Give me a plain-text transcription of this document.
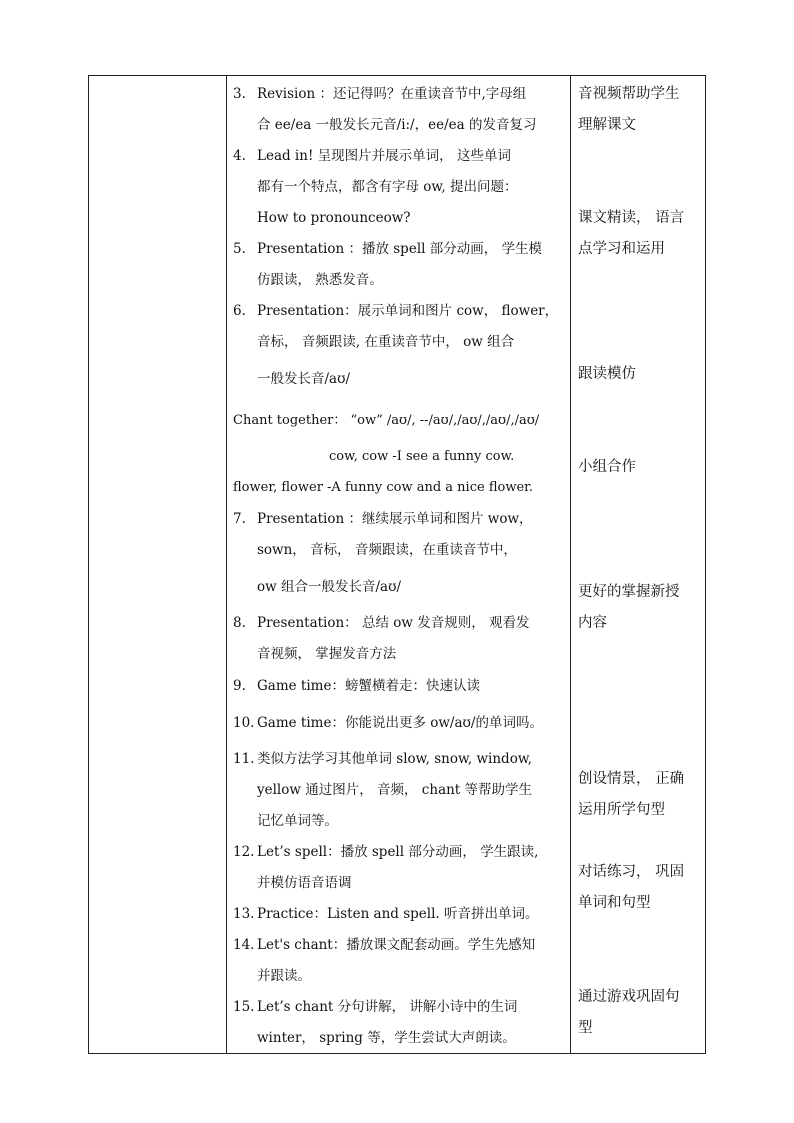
3. Revision ：还记得吗？在重读音节中,字母组
合 ee/ea 一般发长元音/i:/，ee/ea 的发音复习
4. Lead in! 呈现图片并展示单词， 这些单词
都有一个特点，都含有字母 ow, 提出问题：
How to pronounceow?
5. Presentation ：播放 spell 部分动画， 学生模
仿跟读， 熟悉发音。
6. Presentation：展示单词和图片 cow， flower，
音标， 音频跟读, 在重读音节中， ow 组合
一般发长音/aʊ/
Chant together： “ow” /aʊ/, --/aʊ/,/aʊ/,/aʊ/,/aʊ/
cow, cow -I see a funny cow.
flower, flower -A funny cow and a nice flower.
7. Presentation ：继续展示单词和图片 wow，
sown， 音标， 音频跟读，在重读音节中，
ow 组合一般发长音/aʊ/
8. Presentation： 总结 ow 发音规则， 观看发
音视频， 掌握发音方法
9. Game time：螃蟹横着走：快速认读
10. Game time：你能说出更多 ow/aʊ/的单词吗。
11. 类似方法学习其他单词 slow, snow, window,
yellow 通过图片， 音频， chant 等帮助学生
记忆单词等。
12. Let’s spell：播放 spell 部分动画， 学生跟读,
并模仿语音语调
13. Practice：Listen and spell. 听音拼出单词。
14. Let's chant：播放课文配套动画。学生先感知
并跟读。
15. Let’s chant 分句讲解， 讲解小诗中的生词
winter， spring 等，学生尝试大声朗读。
音视频帮助学生
理解课文
课文精读， 语言
点学习和运用
跟读模仿
小组合作
更好的掌握新授
内容
创设情景， 正确
运用所学句型
对话练习， 巩固
单词和句型
通过游戏巩固句
型
